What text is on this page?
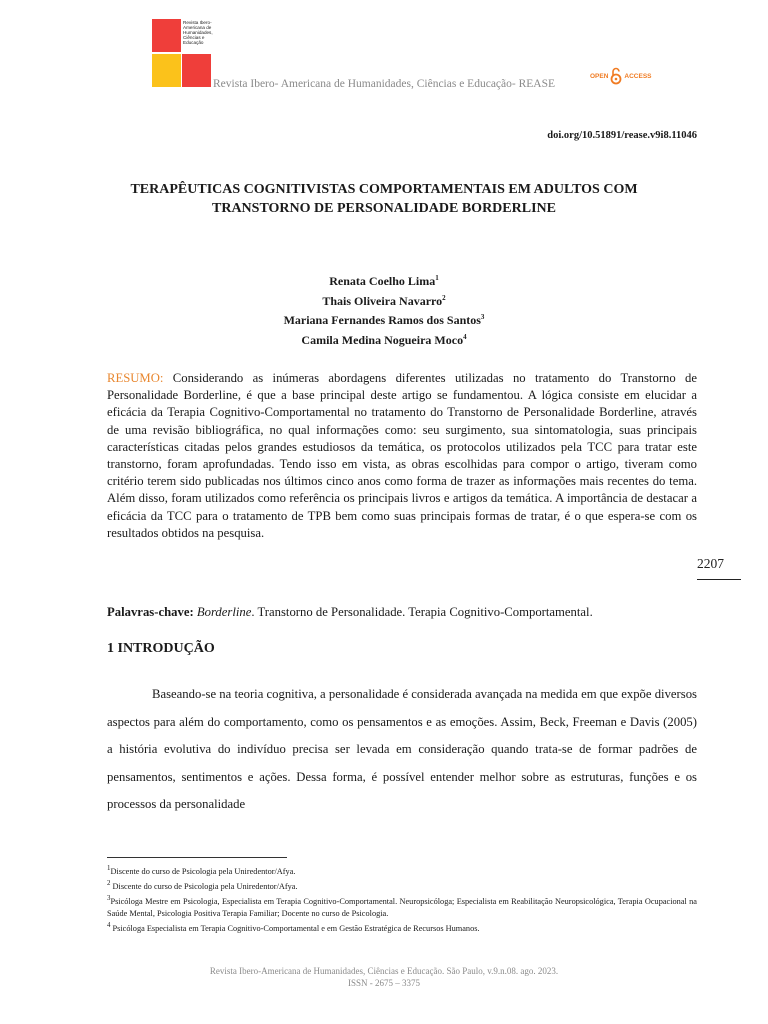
Revista Ibero-
Americana de
Humanidades,
Ciências e
Educação
Revista Ibero- Americana de Humanidades, Ciências e Educação- REASE
OPEN ACCESS
doi.org/10.51891/rease.v9i8.11046
TERAPÊUTICAS COGNITIVISTAS COMPORTAMENTAIS EM ADULTOS COM
TRANSTORNO DE PERSONALIDADE BORDERLINE
Renata Coelho Lima$^1$
Thais Oliveira Navarro$^2$
Mariana Fernandes Ramos dos Santos$^3$
Camila Medina Nogueira Moco$^4$
RESUMO: Considerando as inúmeras abordagens diferentes utilizadas no tratamento do Transtorno de Personalidade Borderline, é que a base principal deste artigo se fundamentou. A lógica consiste em elucidar a eficácia da Terapia Cognitivo-Comportamental no tratamento do Transtorno de Personalidade Borderline, através de uma revisão bibliográfica, no qual informações como: seu surgimento, sua sintomatologia, suas principais características citadas pelos grandes estudiosos da temática, os protocolos utilizados pela TCC para tratar este transtorno, foram aprofundadas. Tendo isso em vista, as obras escolhidas para compor o artigo, tiveram como critério terem sido publicadas nos últimos cinco anos como forma de trazer as informações mais recentes do tema. Além disso, foram utilizados como referência os principais livros e artigos da temática. A importância de destacar a eficácia da TCC para o tratamento de TPB bem como suas principais formas de tratar, é o que espera-se com os resultados obtidos na pesquisa.
2207
Palavras-chave: Borderline. Transtorno de Personalidade. Terapia Cognitivo-Comportamental.
1 INTRODUÇÃO
Baseando-se na teoria cognitiva, a personalidade é considerada avançada na medida em que expõe diversos aspectos para além do comportamento, como os pensamentos e as emoções. Assim, Beck, Freeman e Davis (2005) a história evolutiva do indivíduo precisa ser levada em consideração quando trata-se de formar padrões de pensamentos, sentimentos e ações. Dessa forma, é possível entender melhor sobre as estruturas, funções e os processos da personalidade

$^1$Discente do curso de Psicologia pela Uniredentor/Afya.

$^2$ Discente do curso de Psicologia pela Uniredentor/Afya.

$^3$Psicóloga Mestre em Psicologia, Especialista em Terapia Cognitivo-Comportamental. Neuropsicóloga; Especialista em Reabilitação Neuropsicológica, Terapia Ocupacional na Saúde Mental, Psicologia Positiva Terapia Familiar; Docente no curso de Psicologia.

$^4$ Psicóloga Especialista em Terapia Cognitivo-Comportamental e em Gestão Estratégica de Recursos Humanos.

Revista Ibero-Americana de Humanidades, Ciências e Educação. São Paulo, v.9.n.08. ago. 2023.
ISSN - 2675 – 3375
